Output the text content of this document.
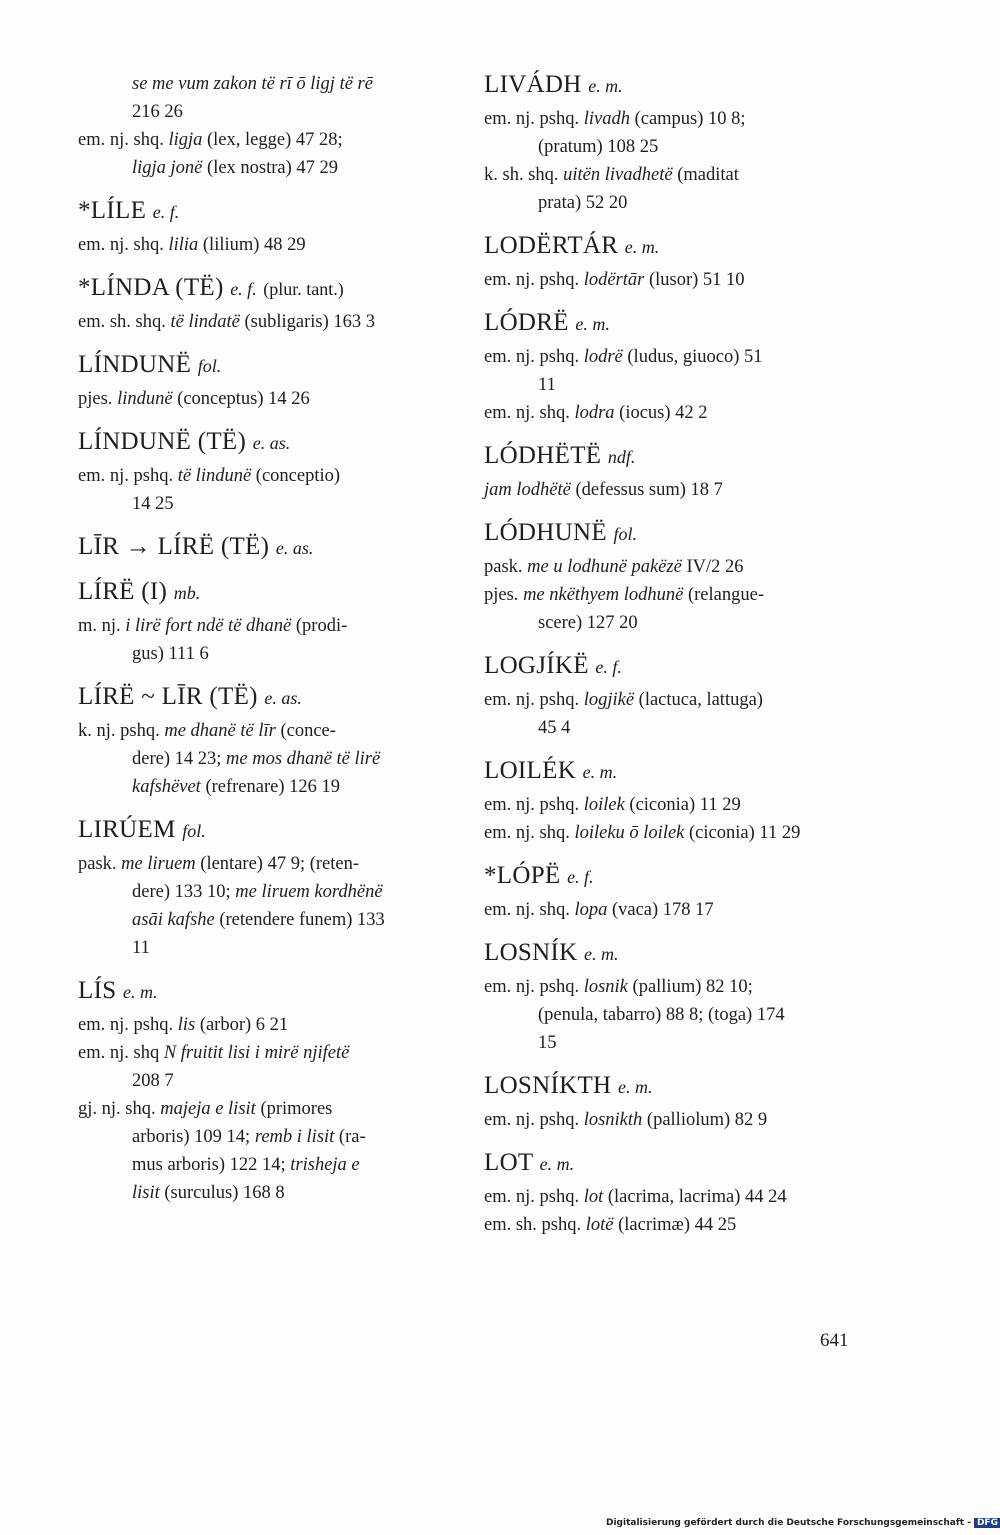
se me vum zakon të rī ō ligj të rē
216 26
em. nj. shq. ligja (lex, legge) 47 28;
ligja jonë (lex nostra) 47 29
*LÍLE e. f.
em. nj. shq. lilia (lilium) 48 29
*LÍNDA (TË) e. f. (plur. tant.)
em. sh. shq. të lindatë (subligaris) 163 3
LÍNDUNË fol.
pjes. lindunë (conceptus) 14 26
LÍNDUNË (TË) e. as.
em. nj. pshq. të lindunë (conceptio)
14 25
LĪR → LÍRË (TË) e. as.
LÍRË (I) mb.
m. nj. i lirë fort ndë të dhanë (prodi-
gus) 111 6
LÍRË ~ LĪR (TË) e. as.
k. nj. pshq. me dhanë të līr (conce-
dere) 14 23; me mos dhanë të lirë
kafshëvet (refrenare) 126 19
LIRÚEM fol.
pask. me liruem (lentare) 47 9; (reten-
dere) 133 10; me liruem kordhënë
asāi kafshe (retendere funem) 133
11
LÍS e. m.
em. nj. pshq. lis (arbor) 6 21
em. nj. shq N fruitit lisi i mirë njifetë
208 7
gj. nj. shq. majeja e lisit (primores
arboris) 109 14; remb i lisit (ra-
mus arboris) 122 14; trisheja e
lisit (surculus) 168 8
LIVÁDH e. m.
em. nj. pshq. livadh (campus) 10 8;
(pratum) 108 25
k. sh. shq. uitën livadhetë (maditat
prata) 52 20
LODËRTÁR e. m.
em. nj. pshq. lodërtār (lusor) 51 10
LÓDRË e. m.
em. nj. pshq. lodrë (ludus, giuoco) 51
11
em. nj. shq. lodra (iocus) 42 2
LÓDHËTË ndf.
jam lodhëtë (defessus sum) 18 7
LÓDHUNË fol.
pask. me u lodhunë pakëzë IV/2 26
pjes. me nkëthyem lodhunë (relangue-
scere) 127 20
LOGJÍKË e. f.
em. nj. pshq. logjikë (lactuca, lattuga)
45 4
LOILÉK e. m.
em. nj. pshq. loilek (ciconia) 11 29
em. nj. shq. loileku ō loilek (ciconia) 11 29
*LÓPË e. f.
em. nj. shq. lopa (vaca) 178 17
LOSNÍK e. m.
em. nj. pshq. losnik (pallium) 82 10;
(penula, tabarro) 88 8; (toga) 174
15
LOSNÍKTH e. m.
em. nj. pshq. losnikth (palliolum) 82 9
LOT e. m.
em. nj. pshq. lot (lacrima, lacrima) 44 24
em. sh. pshq. lotë (lacrimæ) 44 25
641
Digitalisierung gefördert durch die Deutsche Forschungsgemeinschaft - DFG
